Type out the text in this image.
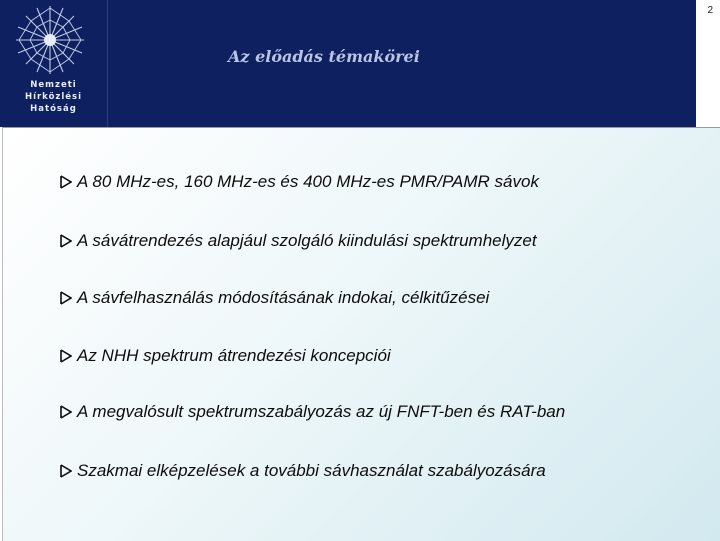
Nemzeti
Hírközlési
Hatóság
Az előadás témakörei
2
A 80 MHz-es, 160 MHz-es és 400 MHz-es PMR/PAMR sávok
A sávátrendezés alapjául szolgáló kiindulási spektrumhelyzet
A sávfelhasználás módosításának indokai, célkitűzései
Az NHH spektrum átrendezési koncepciói
A megvalósult spektrumszabályozás az új FNFT-ben és RAT-ban
Szakmai elképzelések a további sávhasználat szabályozására
